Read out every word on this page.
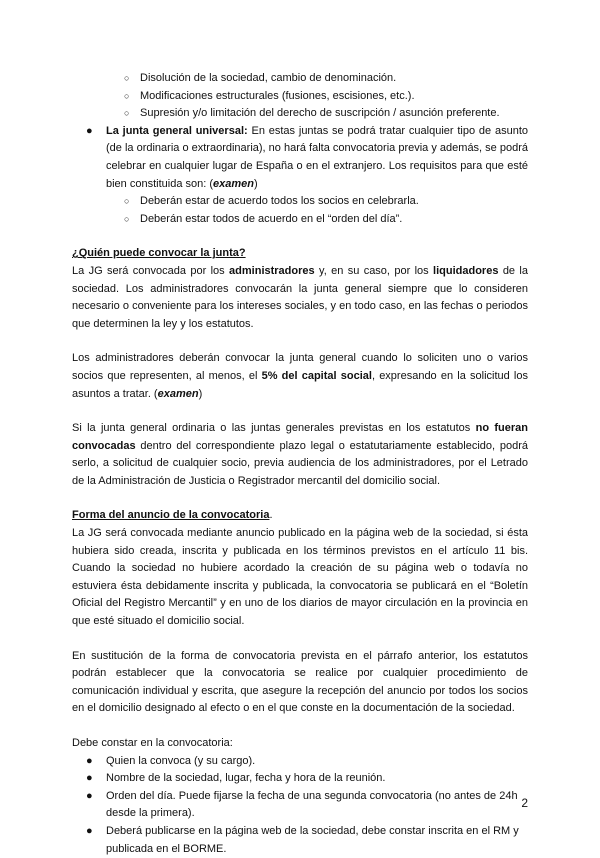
○ Disolución de la sociedad, cambio de denominación.
○ Modificaciones estructurales (fusiones, escisiones, etc.).
○ Supresión y/o limitación del derecho de suscripción / asunción preferente.
● La junta general universal: En estas juntas se podrá tratar cualquier tipo de asunto (de la ordinaria o extraordinaria), no hará falta convocatoria previa y además, se podrá celebrar en cualquier lugar de España o en el extranjero. Los requisitos para que esté bien constituida son: (examen)
○ Deberán estar de acuerdo todos los socios en celebrarla.
○ Deberán estar todos de acuerdo en el “orden del día”.
¿Quién puede convocar la junta?

La JG será convocada por los administradores y, en su caso, por los liquidadores de la sociedad. Los administradores convocarán la junta general siempre que lo consideren necesario o conveniente para los intereses sociales, y en todo caso, en las fechas o periodos que determinen la ley y los estatutos.

Los administradores deberán convocar la junta general cuando lo soliciten uno o varios socios que representen, al menos, el 5% del capital social, expresando en la solicitud los asuntos a tratar. (examen)

Si la junta general ordinaria o las juntas generales previstas en los estatutos no fueran convocadas dentro del correspondiente plazo legal o estatutariamente establecido, podrá serlo, a solicitud de cualquier socio, previa audiencia de los administradores, por el Letrado de la Administración de Justicia o Registrador mercantil del domicilio social.

Forma del anuncio de la convocatoria.

La JG será convocada mediante anuncio publicado en la página web de la sociedad, si ésta hubiera sido creada, inscrita y publicada en los términos previstos en el artículo 11 bis. Cuando la sociedad no hubiere acordado la creación de su página web o todavía no estuviera ésta debidamente inscrita y publicada, la convocatoria se publicará en el “Boletín Oficial del Registro Mercantil” y en uno de los diarios de mayor circulación en la provincia en que esté situado el domicilio social.

En sustitución de la forma de convocatoria prevista en el párrafo anterior, los estatutos podrán establecer que la convocatoria se realice por cualquier procedimiento de comunicación individual y escrita, que asegure la recepción del anuncio por todos los socios en el domicilio designado al efecto o en el que conste en la documentación de la sociedad.

Debe constar en la convocatoria:

● Quien la convoca (y su cargo).
● Nombre de la sociedad, lugar, fecha y hora de la reunión.
● Orden del día. Puede fijarse la fecha de una segunda convocatoria (no antes de 24h desde la primera).
● Deberá publicarse en la página web de la sociedad, debe constar inscrita en el RM y publicada en el BORME.
2
